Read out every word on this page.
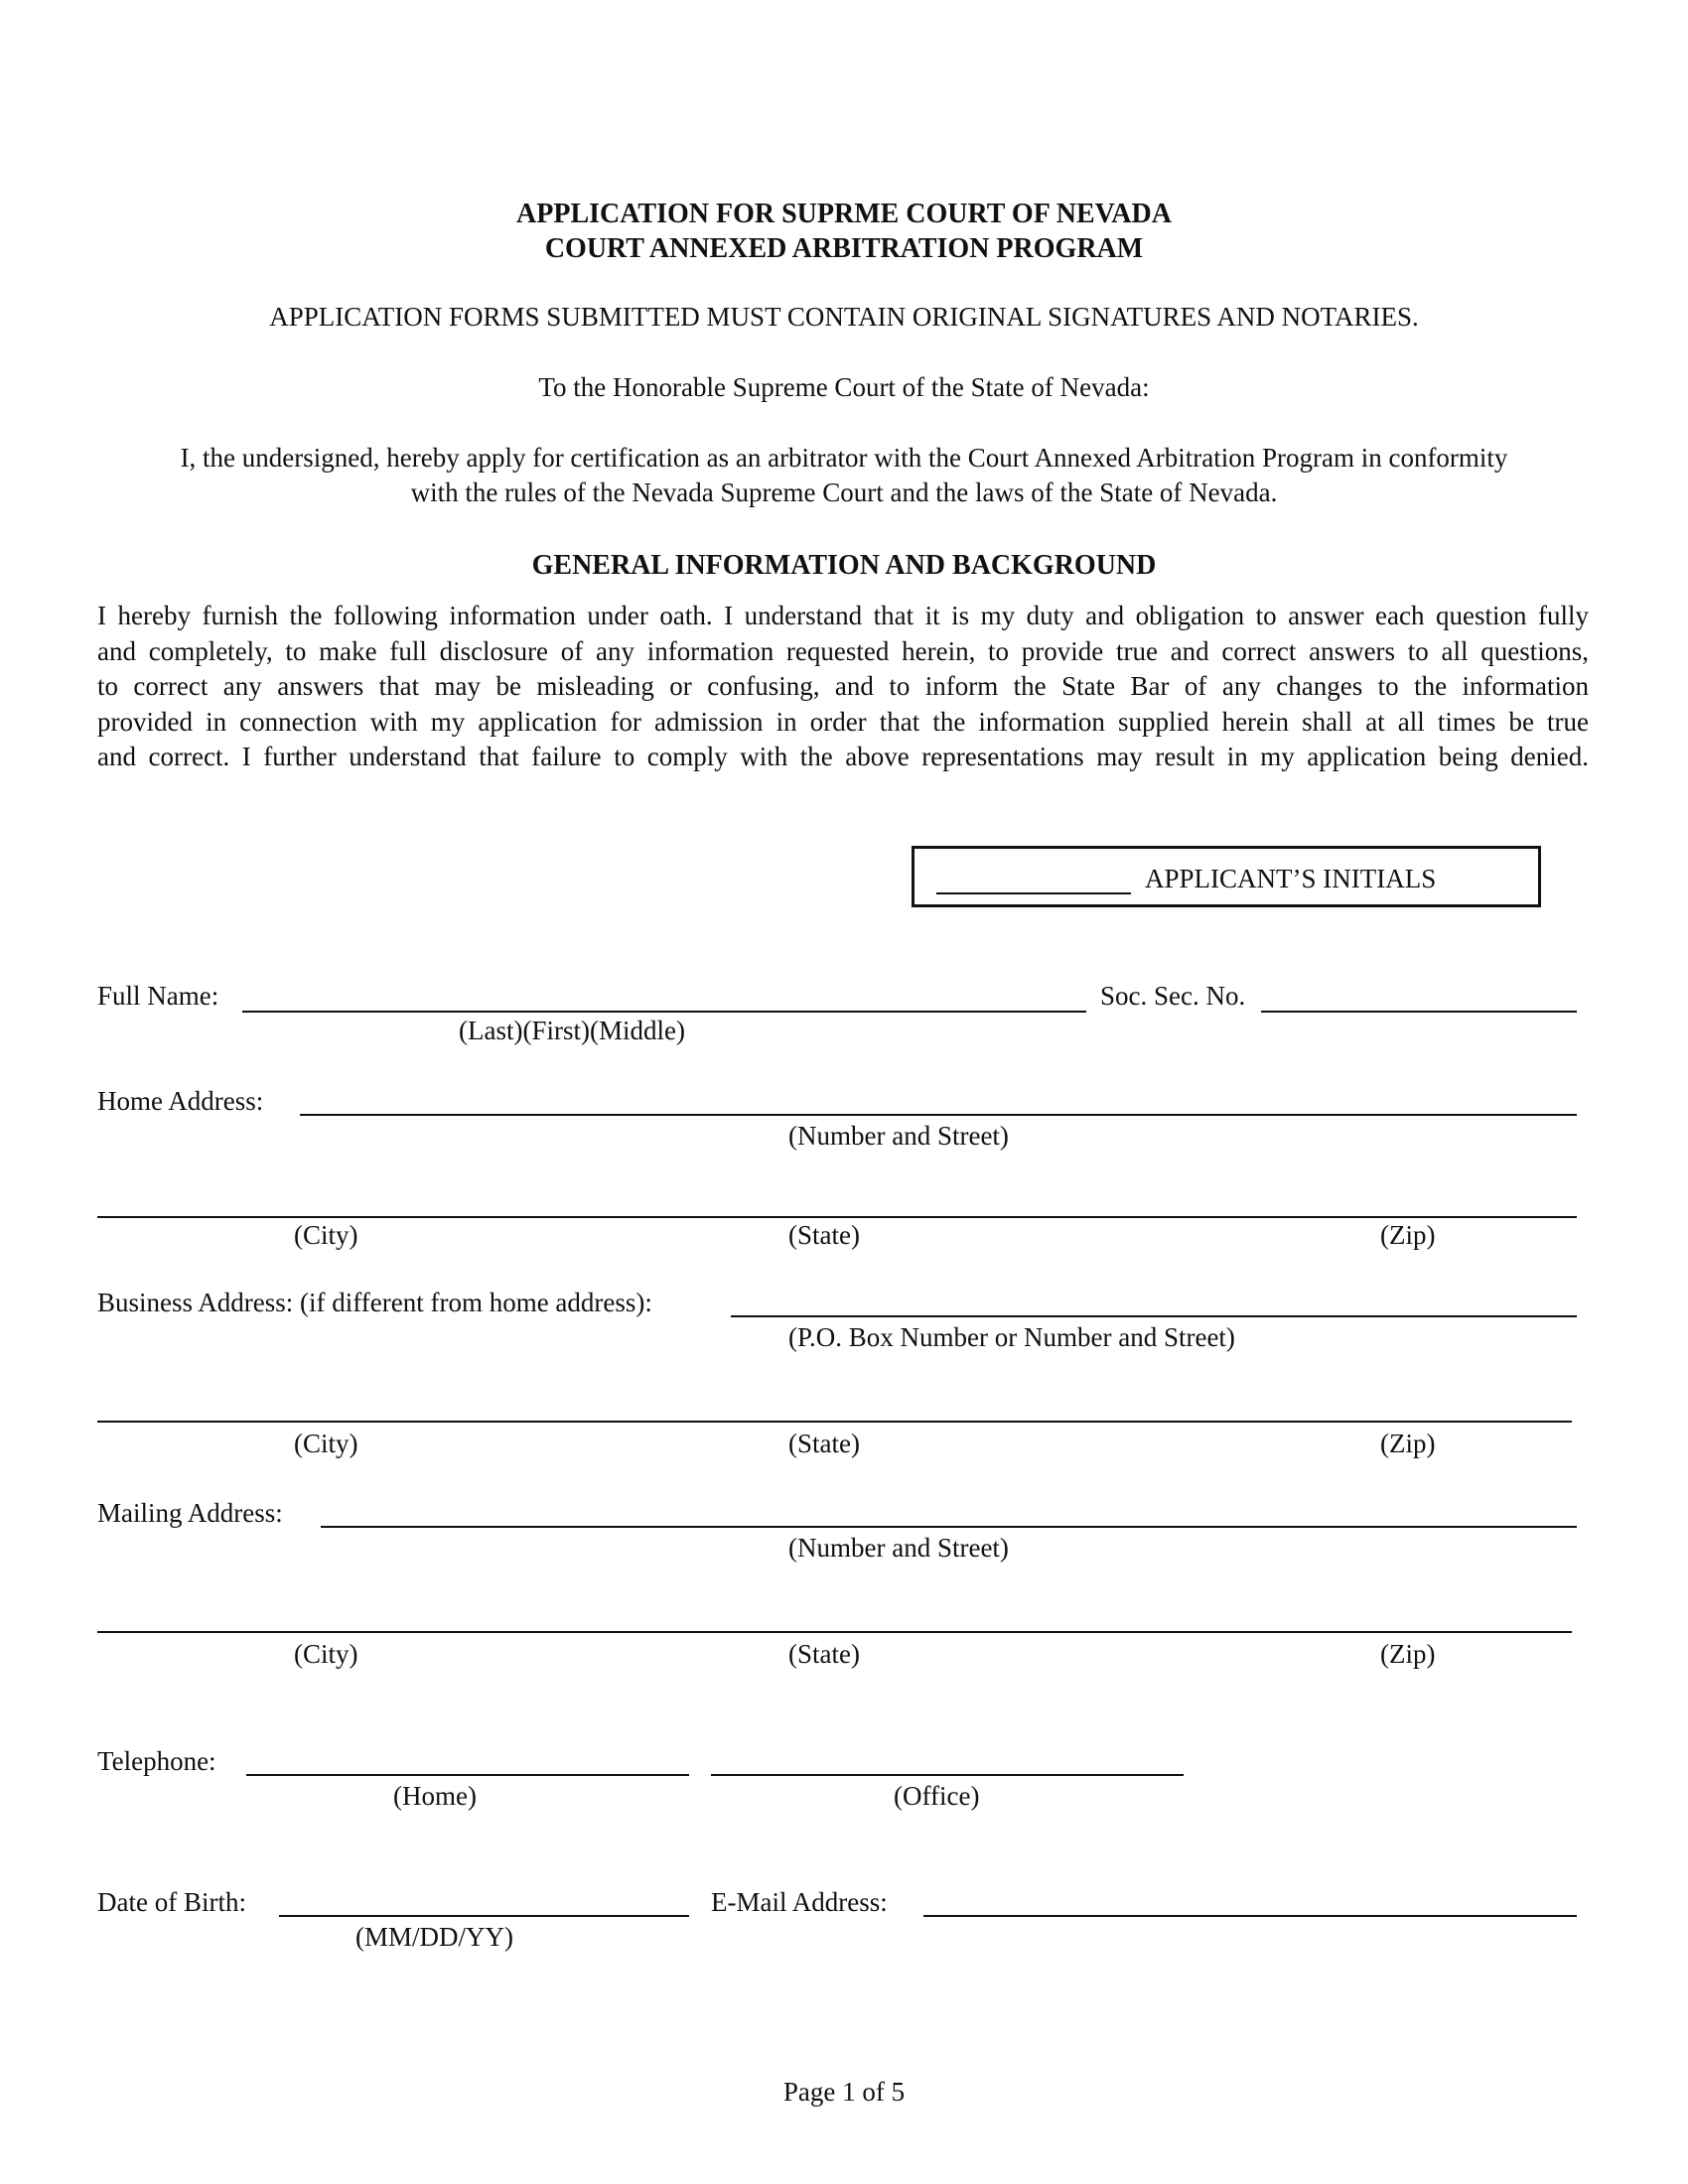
APPLICATION FOR SUPRME COURT OF NEVADA
COURT ANNEXED ARBITRATION PROGRAM
APPLICATION FORMS SUBMITTED MUST CONTAIN ORIGINAL SIGNATURES AND NOTARIES.
To the Honorable Supreme Court of the State of Nevada:
I, the undersigned, hereby apply for certification as an arbitrator with the Court Annexed Arbitration Program in conformity
with the rules of the Nevada Supreme Court and the laws of the State of Nevada.
GENERAL INFORMATION AND BACKGROUND
I hereby furnish the following information under oath. I understand that it is my duty and obligation to answer each question fully
and completely, to make full disclosure of any information requested herein, to provide true and correct answers to all questions,
to correct any answers that may be misleading or confusing, and to inform the State Bar of any changes to the information
provided in connection with my application for admission in order that the information supplied herein shall at all times be true
and correct. I further understand that failure to comply with the above representations may result in my application being denied.
APPLICANT’S INITIALS
Full Name:	Soc. Sec. No.
(Last)(First)(Middle)
Home Address:
(Number and Street)
(City)	(State)	(Zip)
Business Address: (if different from home address):
(P.O. Box Number or Number and Street)
(City)	(State)	(Zip)
Mailing Address:
(Number and Street)
(City)	(State)	(Zip)
Telephone:
(Home)	(Office)
Date of Birth:	E-Mail Address:
(MM/DD/YY)
Page 1 of 5
